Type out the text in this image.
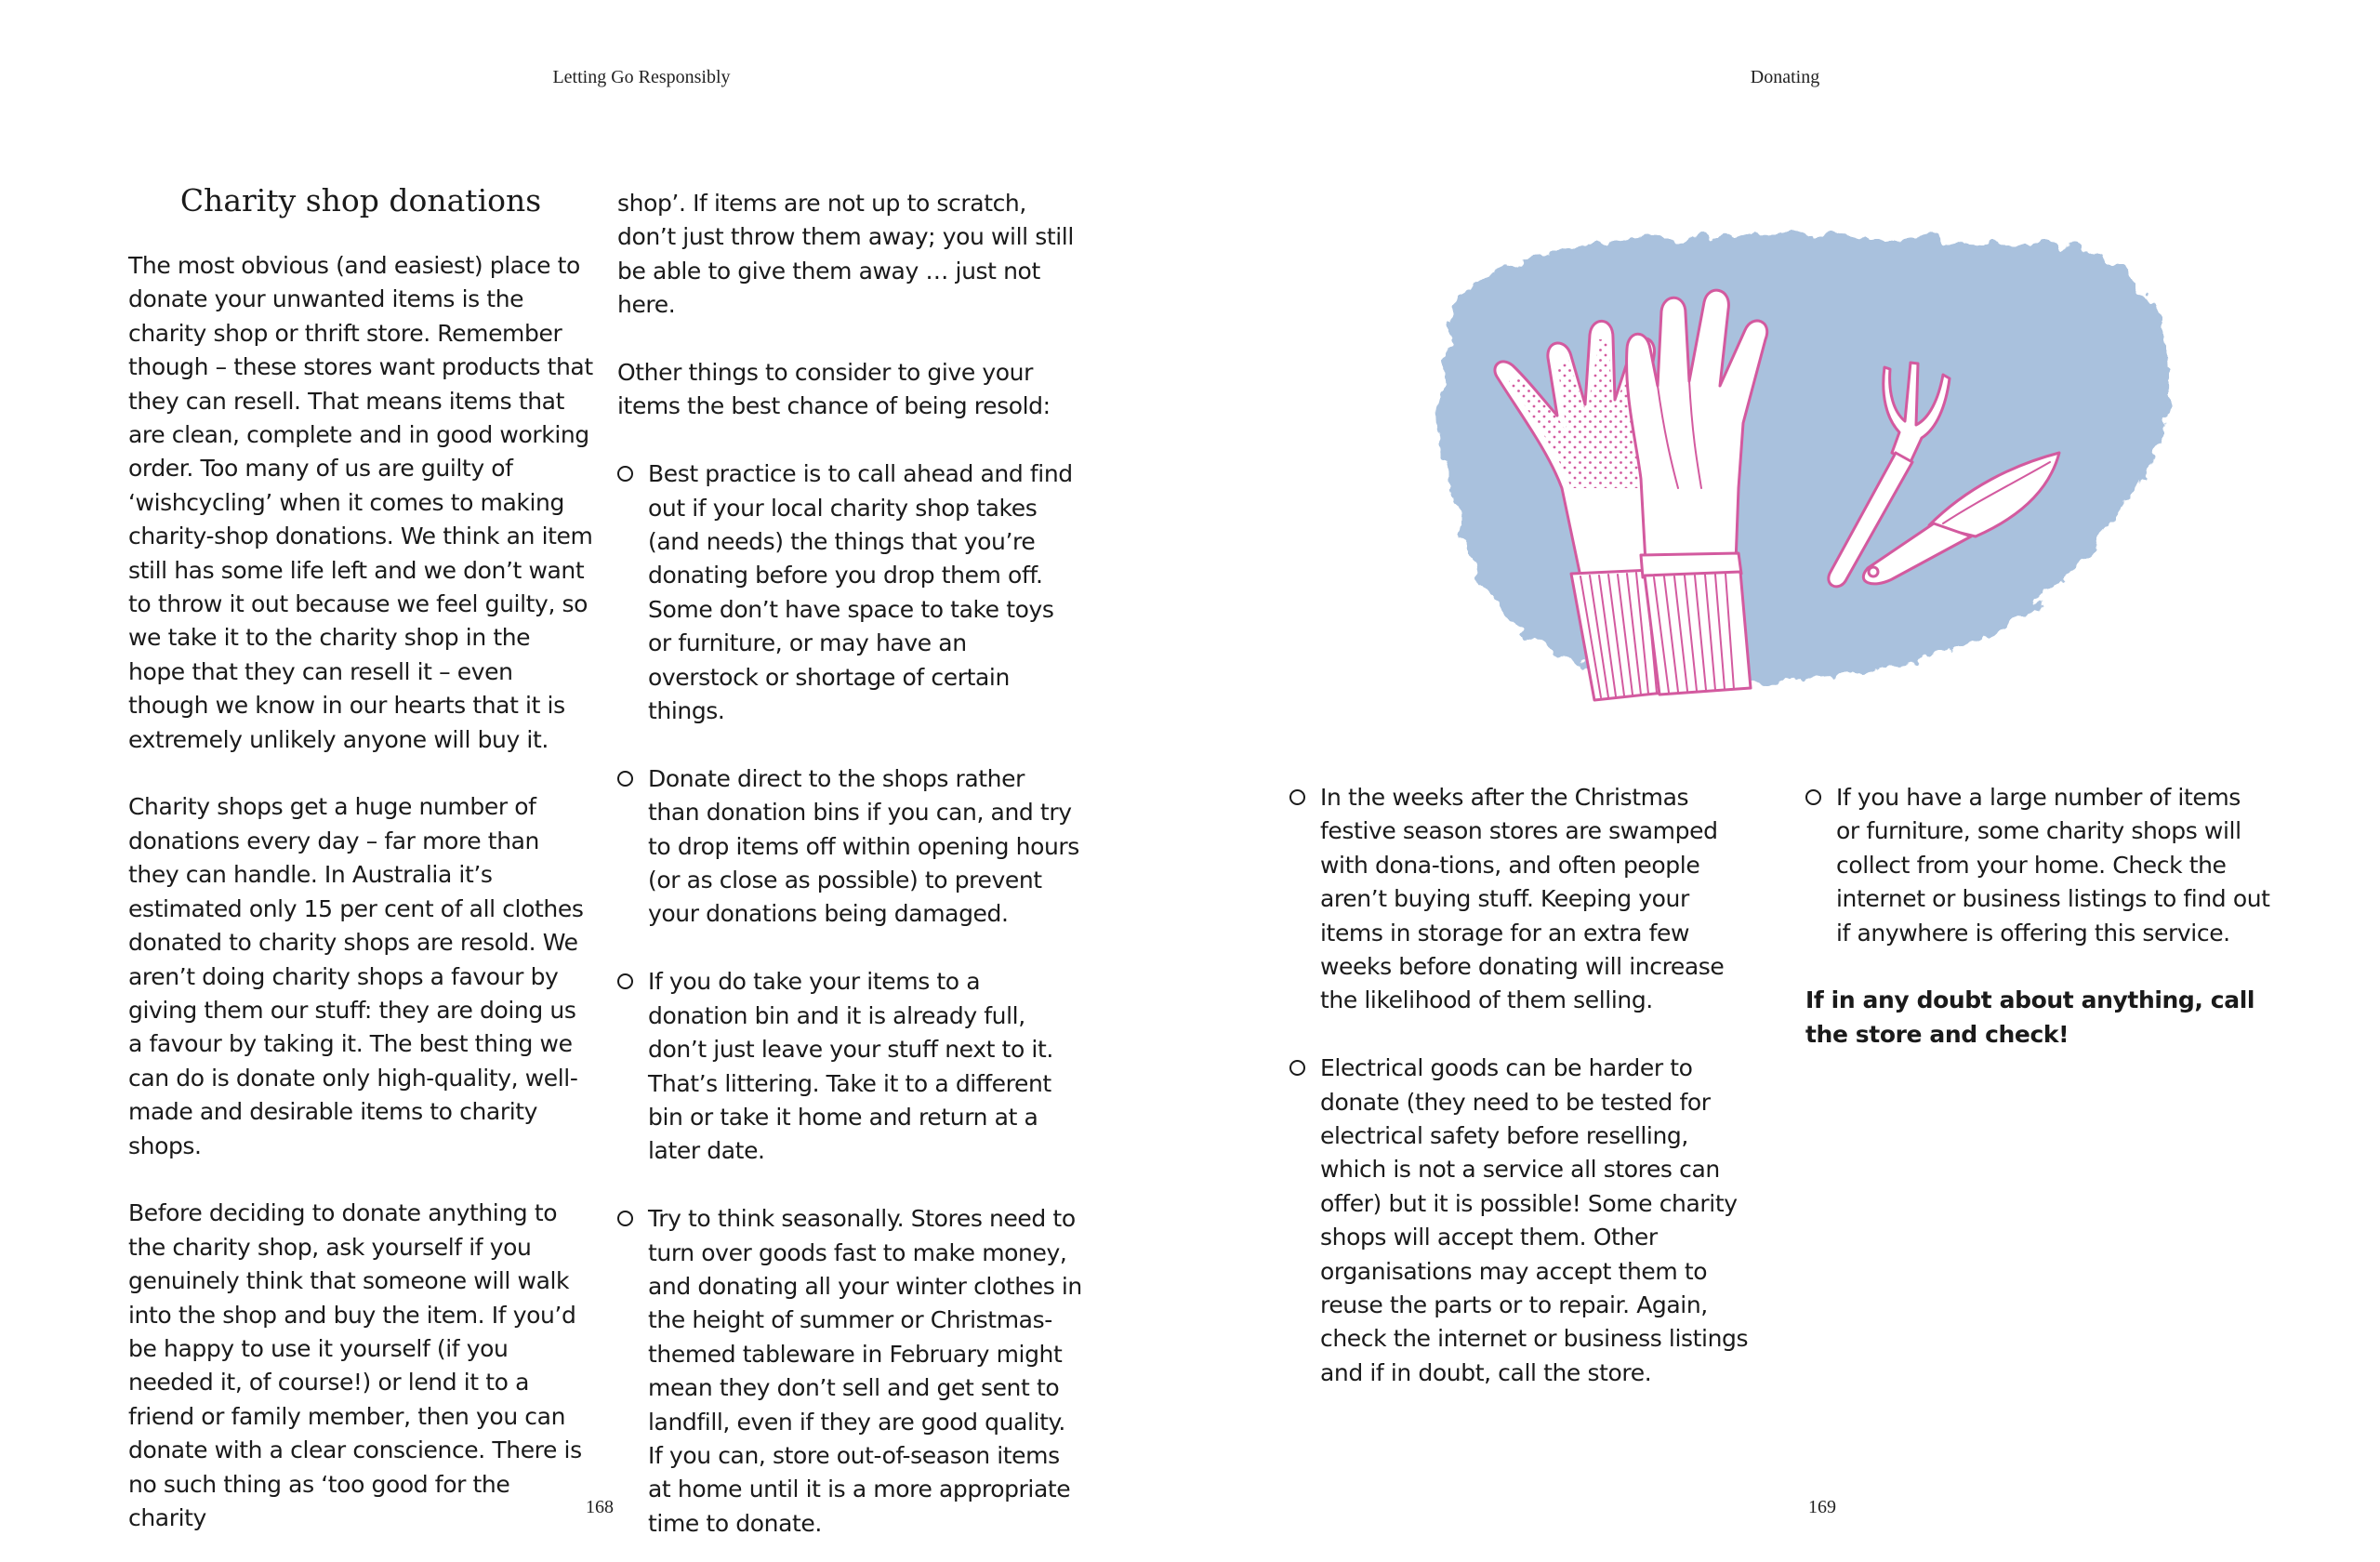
Letting Go Responsibly
Charity shop donations

The most obvious (and easiest) place to donate your unwanted items is the charity shop or thrift store. Remember though – these stores want products that they can resell. That means items that are clean, complete and in good working order. Too many of us are guilty of ‘wishcycling’ when it comes to making charity-shop donations. We think an item still has some life left and we don’t want to throw it out because we feel guilty, so we take it to the charity shop in the hope that they can resell it – even though we know in our hearts that it is extremely unlikely anyone will buy it.

Charity shops get a huge number of donations every day – far more than they can handle. In Australia it’s estimated only 15 per cent of all clothes donated to charity shops are resold. We aren’t doing charity shops a favour by giving them our stuff: they are doing us a favour by taking it. The best thing we can do is donate only high-quality, well-made and desirable items to charity shops.

Before deciding to donate anything to the charity shop, ask yourself if you genuinely think that someone will walk into the shop and buy the item. If you’d be happy to use it yourself (if you needed it, of course!) or lend it to a friend or family member, then you can donate with a clear conscience. There is no such thing as ‘too good for the charity

shop’. If items are not up to scratch, don’t just throw them away; you will still be able to give them away … just not here.

Other things to consider to give your items the best chance of being resold:

Best practice is to call ahead and find out if your local charity shop takes (and needs) the things that you’re donating before you drop them off. Some don’t have space to take toys or furniture, or may have an overstock or shortage of certain things.
Donate direct to the shops rather than donation bins if you can, and try to drop items off within opening hours (or as close as possible) to prevent your donations being damaged.
If you do take your items to a donation bin and it is already full, don’t just leave your stuff next to it. That’s littering. Take it to a different bin or take it home and return at a later date.
Try to think seasonally. Stores need to turn over goods fast to make money, and donating all your winter clothes in the height of summer or Christmas-themed tableware in February might mean they don’t sell and get sent to landfill, even if they are good quality. If you can, store out-of-season items at home until it is a more appropriate time to donate.
168
Donating
In the weeks after the Christmas festive season stores are swamped with dona-tions, and often people aren’t buying stuff. Keeping your items in storage for an extra few weeks before donating will increase the likelihood of them selling.
Electrical goods can be harder to donate (they need to be tested for electrical safety before reselling, which is not a service all stores can offer) but it is possible! Some charity shops will accept them. Other organisations may accept them to reuse the parts or to repair. Again, check the internet or business listings and if in doubt, call the store.
If you have a large number of items or furniture, some charity shops will collect from your home. Check the internet or business listings to find out if anywhere is offering this service.
If in any doubt about anything, call the store and check!
169
